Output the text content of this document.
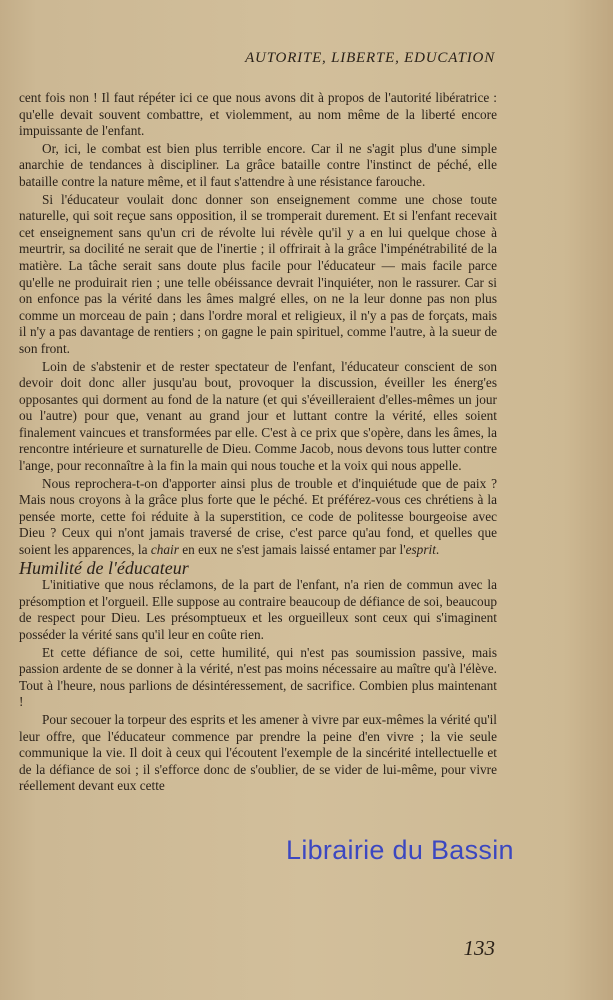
AUTORITE, LIBERTE, EDUCATION

cent fois non ! Il faut répéter ici ce que nous avons dit à propos de l'autorité libératrice : qu'elle devait souvent combattre, et violemment, au nom même de la liberté encore impuissante de l'enfant.

Or, ici, le combat est bien plus terrible encore. Car il ne s'agit plus d'une simple anarchie de tendances à discipliner. La grâce bataille contre l'instinct de péché, elle bataille contre la nature même, et il faut s'attendre à une résistance farouche.

Si l'éducateur voulait donc donner son enseignement comme une chose toute naturelle, qui soit reçue sans opposition, il se tromperait durement. Et si l'enfant recevait cet enseignement sans qu'un cri de révolte lui révèle qu'il y a en lui quelque chose à meurtrir, sa docilité ne serait que de l'inertie ; il offrirait à la grâce l'impénétrabilité de la matière. La tâche serait sans doute plus facile pour l'éducateur — mais facile parce qu'elle ne produirait rien ; une telle obéissance devrait l'inquiéter, non le rassurer. Car si on enfonce pas la vérité dans les âmes malgré elles, on ne la leur donne pas non plus comme un morceau de pain ; dans l'ordre moral et religieux, il n'y a pas de forçats, mais il n'y a pas davantage de rentiers ; on gagne le pain spirituel, comme l'autre, à la sueur de son front.

Loin de s'abstenir et de rester spectateur de l'enfant, l'éducateur conscient de son devoir doit donc aller jusqu'au bout, provoquer la discussion, éveiller les énerg'es opposantes qui dorment au fond de la nature (et qui s'éveilleraient d'elles-mêmes un jour ou l'autre) pour que, venant au grand jour et luttant contre la vérité, elles soient finalement vaincues et transformées par elle. C'est à ce prix que s'opère, dans les âmes, la rencontre intérieure et surnaturelle de Dieu. Comme Jacob, nous devons tous lutter contre l'ange, pour reconnaître à la fin la main qui nous touche et la voix qui nous appelle.

Nous reprochera-t-on d'apporter ainsi plus de trouble et d'inquiétude que de paix ? Mais nous croyons à la grâce plus forte que le péché. Et préférez-vous ces chrétiens à la pensée morte, cette foi réduite à la superstition, ce code de politesse bourgeoise avec Dieu ? Ceux qui n'ont jamais traversé de crise, c'est parce qu'au fond, et quelles que soient les apparences, la chair en eux ne s'est jamais laissé entamer par l'esprit.

Humilité de l'éducateur

L'initiative que nous réclamons, de la part de l'enfant, n'a rien de commun avec la présomption et l'orgueil. Elle suppose au contraire beaucoup de défiance de soi, beaucoup de respect pour Dieu. Les présomptueux et les orgueilleux sont ceux qui s'imaginent posséder la vérité sans qu'il leur en coûte rien.

Et cette défiance de soi, cette humilité, qui n'est pas soumission passive, mais passion ardente de se donner à la vérité, n'est pas moins nécessaire au maître qu'à l'élève. Tout à l'heure, nous parlions de désintéressement, de sacrifice. Combien plus maintenant !

Pour secouer la torpeur des esprits et les amener à vivre par eux-mêmes la vérité qu'il leur offre, que l'éducateur commence par prendre la peine d'en vivre ; la vie seule communique la vie. Il doit à ceux qui l'écoutent l'exemple de la sincérité intellectuelle et de la défiance de soi ; il s'efforce donc de s'oublier, de se vider de lui-même, pour vivre réellement devant eux cette

133
Librairie du Bassin
